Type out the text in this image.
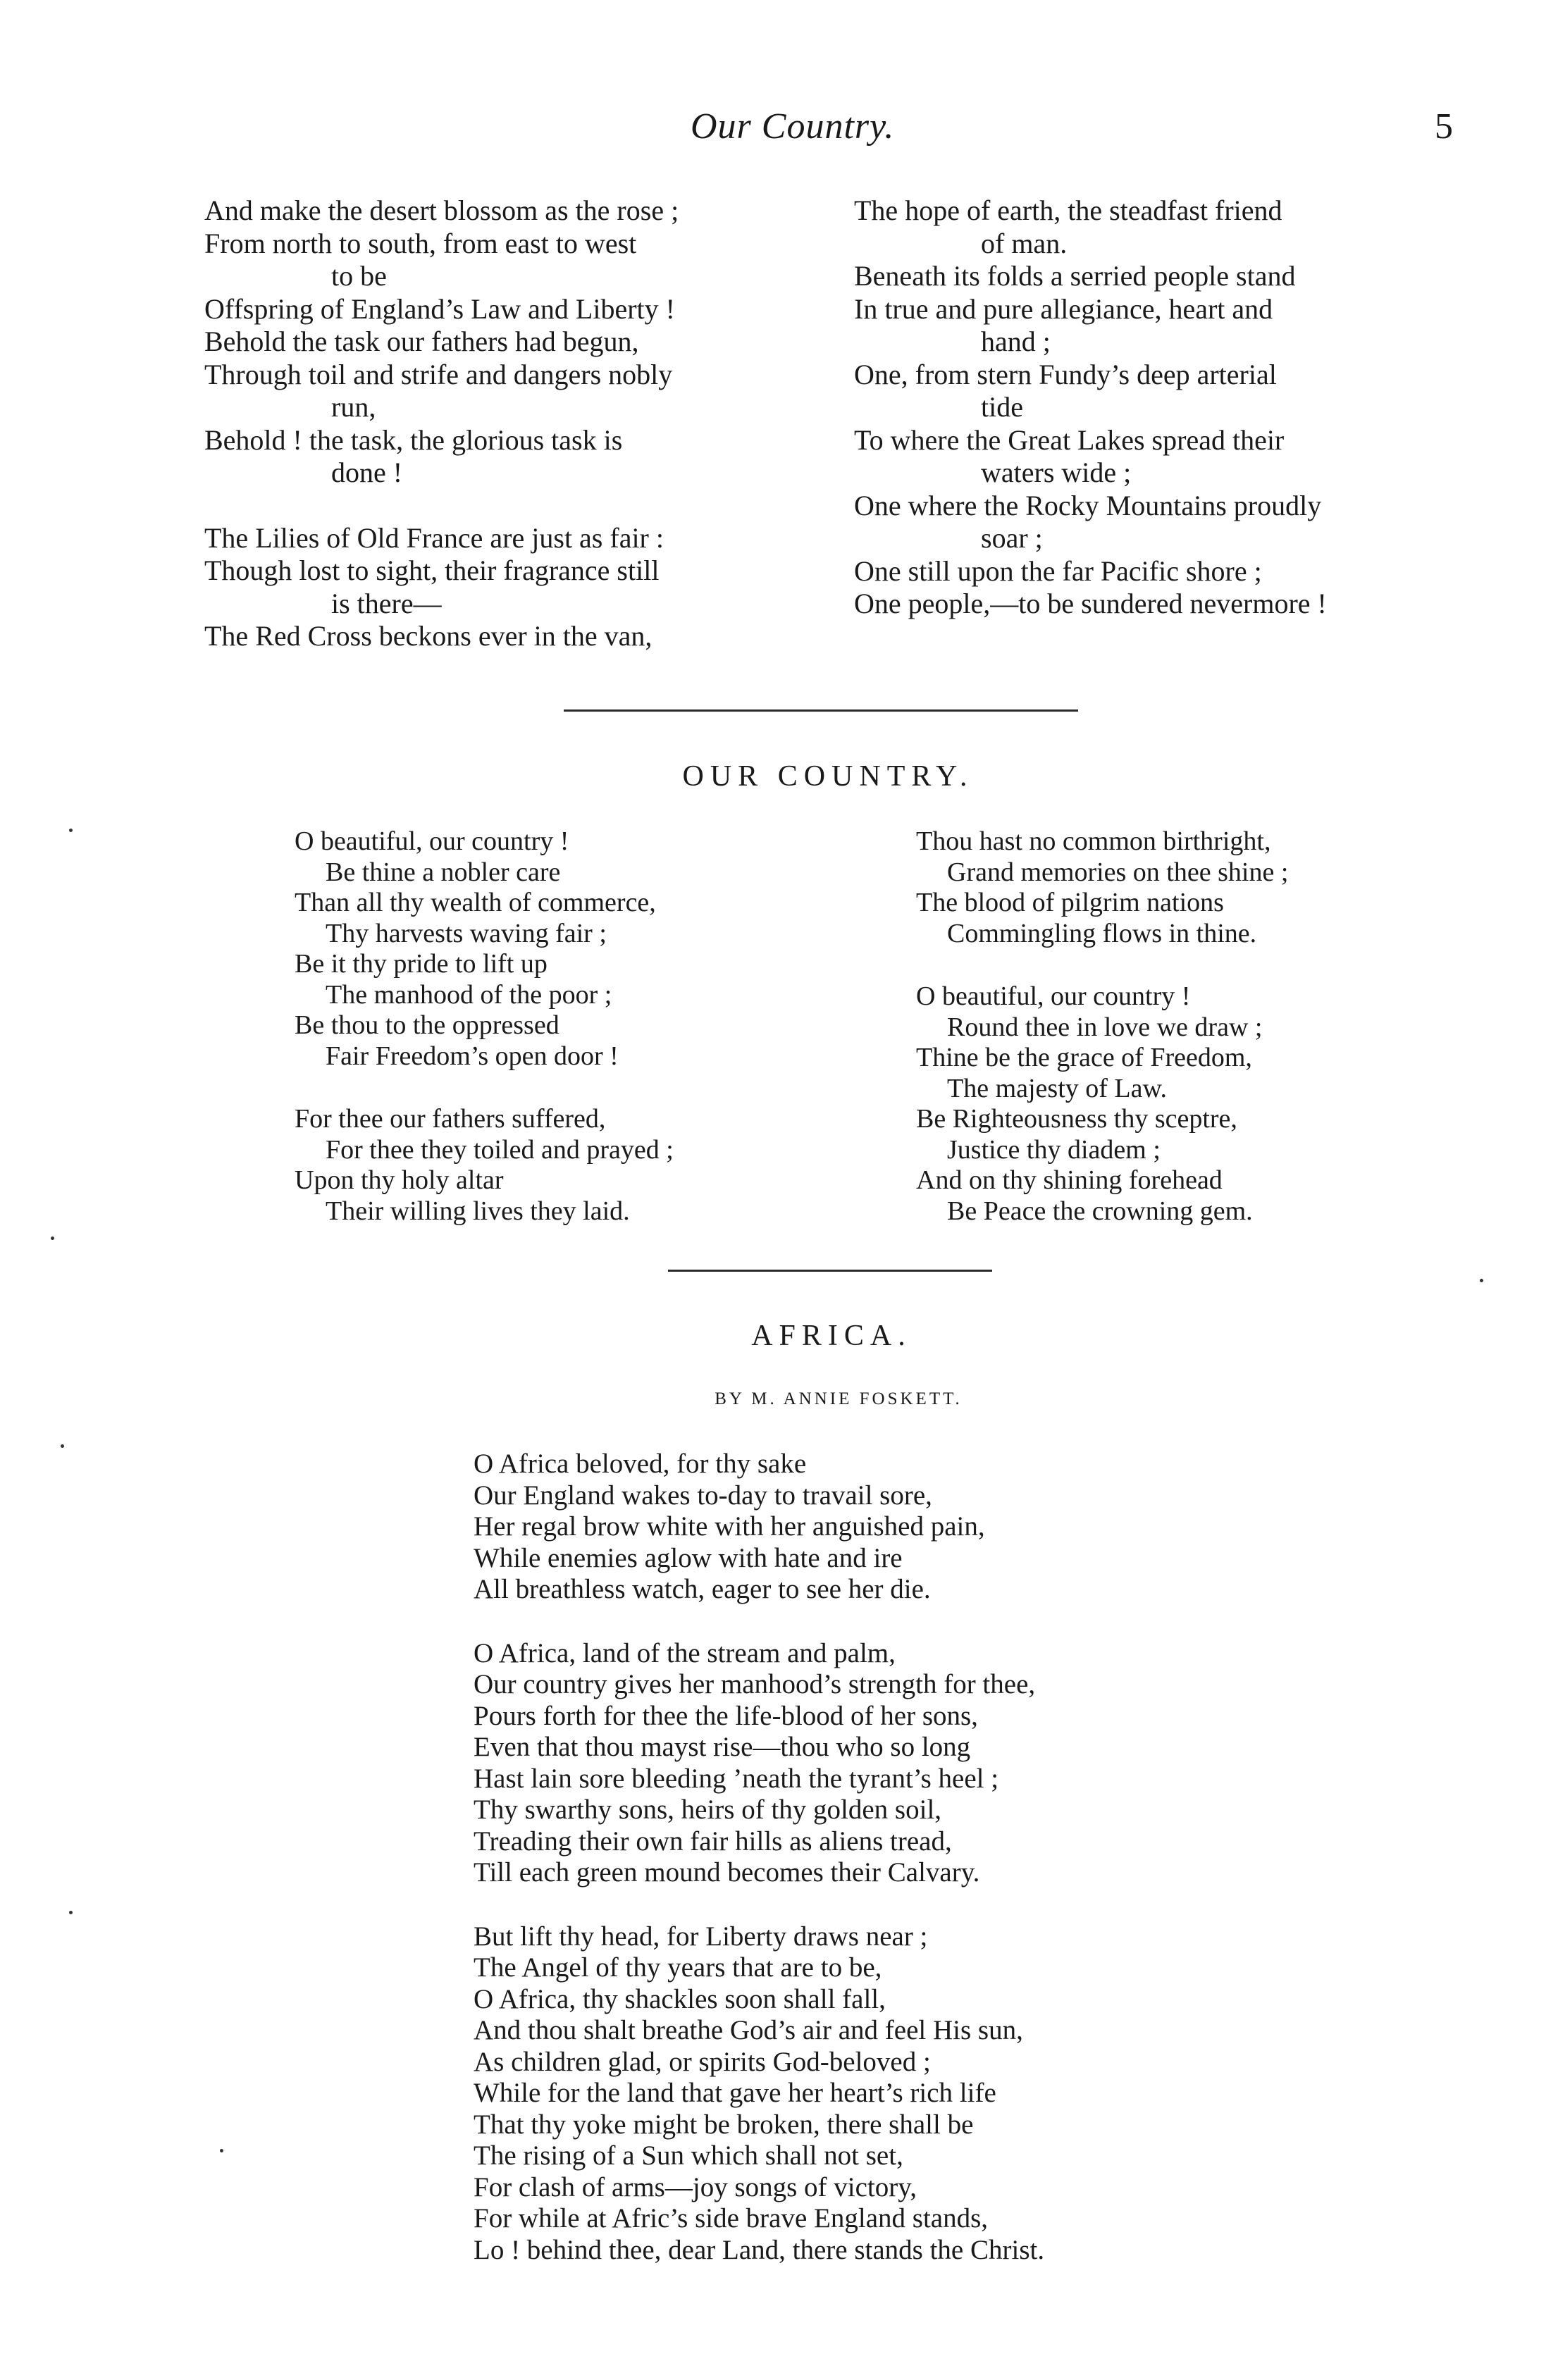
Our Country.	5
And make the desert blossom as the rose ;
From north to south, from east to west
to be
Offspring of England’s Law and Liberty !
Behold the task our fathers had begun,
Through toil and strife and dangers nobly
run,
Behold ! the task, the glorious task is
done !
The Lilies of Old France are just as fair :
Though lost to sight, their fragrance still
is there—
The Red Cross beckons ever in the van,
The hope of earth, the steadfast friend
of man.
Beneath its folds a serried people stand
In true and pure allegiance, heart and
hand ;
One, from stern Fundy’s deep arterial
tide
To where the Great Lakes spread their
waters wide ;
One where the Rocky Mountains proudly
soar ;
One still upon the far Pacific shore ;
One people,—to be sundered nevermore !
OUR COUNTRY.
O beautiful, our country !
Be thine a nobler care
Than all thy wealth of commerce,
Thy harvests waving fair ;
Be it thy pride to lift up
The manhood of the poor ;
Be thou to the oppressed
Fair Freedom’s open door !
For thee our fathers suffered,
For thee they toiled and prayed ;
Upon thy holy altar
Their willing lives they laid.
Thou hast no common birthright,
Grand memories on thee shine ;
The blood of pilgrim nations
Commingling flows in thine.
O beautiful, our country !
Round thee in love we draw ;
Thine be the grace of Freedom,
The majesty of Law.
Be Righteousness thy sceptre,
Justice thy diadem ;
And on thy shining forehead
Be Peace the crowning gem.
AFRICA.
BY M. ANNIE FOSKETT.
O Africa beloved, for thy sake
Our England wakes to-day to travail sore,
Her regal brow white with her anguished pain,
While enemies aglow with hate and ire
All breathless watch, eager to see her die.
O Africa, land of the stream and palm,
Our country gives her manhood’s strength for thee,
Pours forth for thee the life-blood of her sons,
Even that thou mayst rise—thou who so long
Hast lain sore bleeding ’neath the tyrant’s heel ;
Thy swarthy sons, heirs of thy golden soil,
Treading their own fair hills as aliens tread,
Till each green mound becomes their Calvary.
But lift thy head, for Liberty draws near ;
The Angel of thy years that are to be,
O Africa, thy shackles soon shall fall,
And thou shalt breathe God’s air and feel His sun,
As children glad, or spirits God-beloved ;
While for the land that gave her heart’s rich life
That thy yoke might be broken, there shall be
The rising of a Sun which shall not set,
For clash of arms—joy songs of victory,
For while at Afric’s side brave England stands,
Lo ! behind thee, dear Land, there stands the Christ.
